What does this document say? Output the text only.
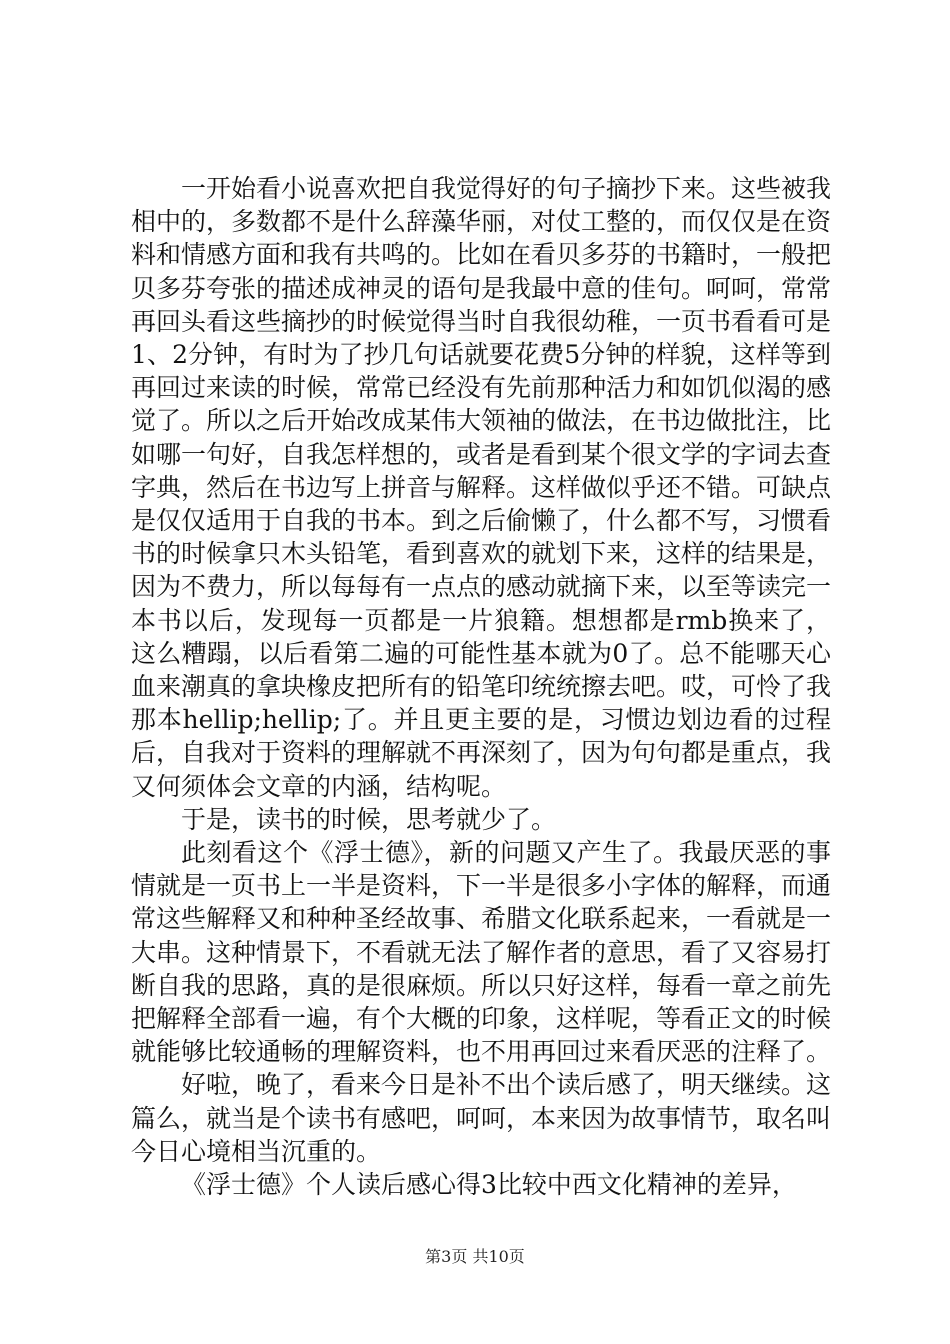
一开始看小说喜欢把自我觉得好的句子摘抄下来。这些被我相中的，多数都不是什么辞藻华丽，对仗工整的，而仅仅是在资料和情感方面和我有共鸣的。比如在看贝多芬的书籍时，一般把贝多芬夸张的描述成神灵的语句是我最中意的佳句。呵呵，常常再回头看这些摘抄的时候觉得当时自我很幼稚，一页书看看可是1、2分钟，有时为了抄几句话就要花费5分钟的样貌，这样等到再回过来读的时候，常常已经没有先前那种活力和如饥似渴的感觉了。所以之后开始改成某伟大领袖的做法，在书边做批注，比如哪一句好，自我怎样想的，或者是看到某个很文学的字词去查字典，然后在书边写上拼音与解释。这样做似乎还不错。可缺点是仅仅适用于自我的书本。到之后偷懒了，什么都不写，习惯看书的时候拿只木头铅笔，看到喜欢的就划下来，这样的结果是，因为不费力，所以每每有一点点的感动就摘下来，以至等读完一本书以后，发现每一页都是一片狼籍。想想都是rmb换来了，这么糟蹋，以后看第二遍的可能性基本就为0了。总不能哪天心血来潮真的拿块橡皮把所有的铅笔印统统擦去吧。哎，可怜了我那本hellip;hellip;了。并且更主要的是，习惯边划边看的过程后，自我对于资料的理解就不再深刻了，因为句句都是重点，我又何须体会文章的内涵，结构呢。

于是，读书的时候，思考就少了。

此刻看这个《浮士德》，新的问题又产生了。我最厌恶的事情就是一页书上一半是资料，下一半是很多小字体的解释，而通常这些解释又和种种圣经故事、希腊文化联系起来，一看就是一大串。这种情景下，不看就无法了解作者的意思，看了又容易打断自我的思路，真的是很麻烦。所以只好这样，每看一章之前先把解释全部看一遍，有个大概的印象，这样呢，等看正文的时候就能够比较通畅的理解资料，也不用再回过来看厌恶的注释了。

好啦，晚了，看来今日是补不出个读后感了，明天继续。这篇么，就当是个读书有感吧，呵呵，本来因为故事情节，取名叫今日心境相当沉重的。

《浮士德》个人读后感心得3比较中西文化精神的差异，

第3页 共10页
